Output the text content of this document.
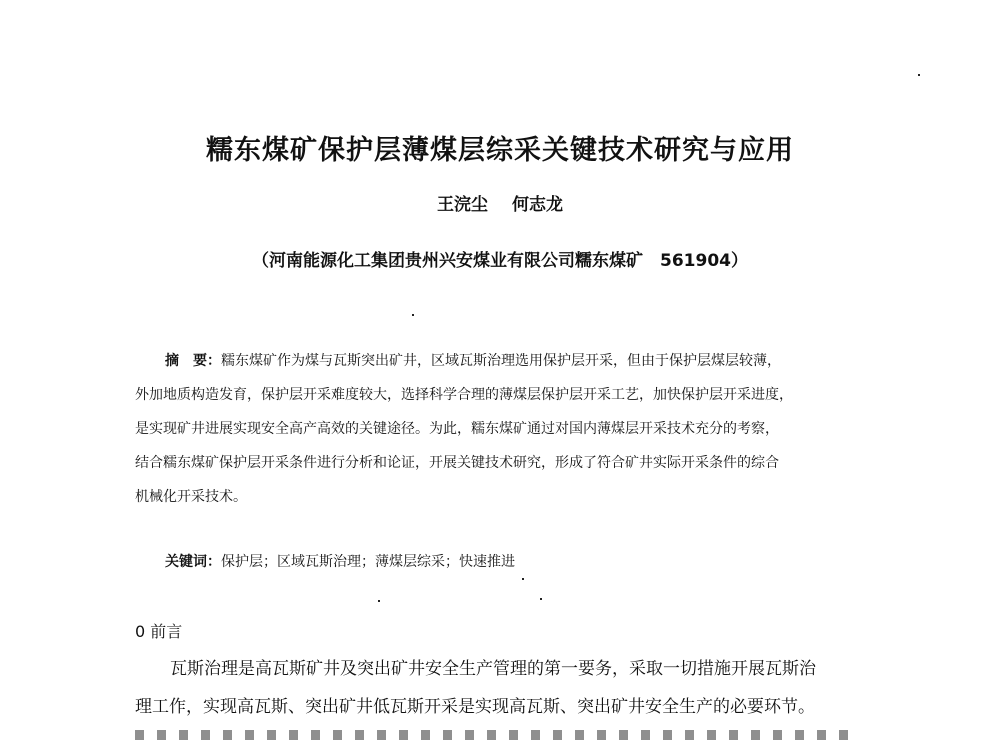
糯东煤矿保护层薄煤层综采关键技术研究与应用
王浣尘 何志龙
（河南能源化工集团贵州兴安煤业有限公司糯东煤矿　561904）
摘　要：糯东煤矿作为煤与瓦斯突出矿井，区域瓦斯治理选用保护层开采，但由于保护层煤层较薄，
外加地质构造发育，保护层开采难度较大，选择科学合理的薄煤层保护层开采工艺，加快保护层开采进度，
是实现矿井进展实现安全高产高效的关键途径。为此，糯东煤矿通过对国内薄煤层开采技术充分的考察，
结合糯东煤矿保护层开采条件进行分析和论证，开展关键技术研究，形成了符合矿井实际开采条件的综合
机械化开采技术。
关键词：保护层；区域瓦斯治理；薄煤层综采；快速推进
0 前言
瓦斯治理是高瓦斯矿井及突出矿井安全生产管理的第一要务，采取一切措施开展瓦斯治
理工作，实现高瓦斯、突出矿井低瓦斯开采是实现高瓦斯、突出矿井安全生产的必要环节。
